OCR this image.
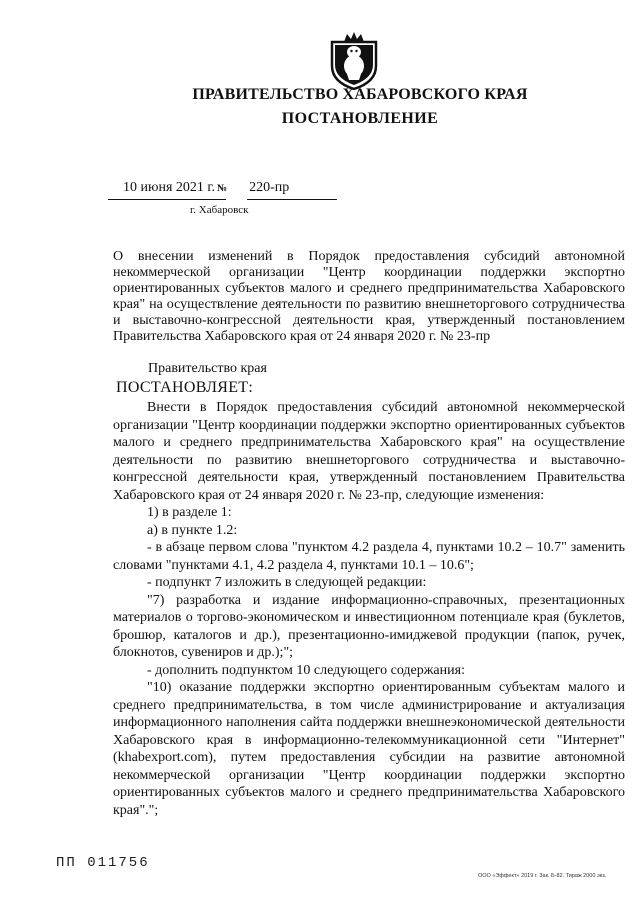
ПРАВИТЕЛЬСТВО ХАБАРОВСКОГО КРАЯ
ПОСТАНОВЛЕНИЕ
10 июня 2021 г. № 220-пр
г. Хабаровск
О внесении изменений в Порядок предоставления субсидий автономной некоммерческой организации "Центр координации поддержки экспортно ориентированных субъектов малого и среднего предпринимательства Хабаровского края" на осуществление деятельности по развитию внешнеторгового сотрудничества и выставочно-конгрессной деятельности края, утвержденный постановлением Правительства Хабаровского края от 24 января 2020 г. № 23-пр
Правительство края
ПОСТАНОВЛЯЕТ:

Внести в Порядок предоставления субсидий автономной некоммерческой организации "Центр координации поддержки экспортно ориентированных субъектов малого и среднего предпринимательства Хабаровского края" на осуществление деятельности по развитию внешнеторгового сотрудничества и выставочно-конгрессной деятельности края, утвержденный постановлением Правительства Хабаровского края от 24 января 2020 г. № 23-пр, следующие изменения:

1) в разделе 1:

а) в пункте 1.2:

- в абзаце первом слова "пунктом 4.2 раздела 4, пунктами 10.2 – 10.7" заменить словами "пунктами 4.1, 4.2 раздела 4, пунктами 10.1 – 10.6";

- подпункт 7 изложить в следующей редакции:

"7) разработка и издание информационно-справочных, презентационных материалов о торгово-экономическом и инвестиционном потенциале края (буклетов, брошюр, каталогов и др.), презентационно-имиджевой продукции (папок, ручек, блокнотов, сувениров и др.);";

- дополнить подпунктом 10 следующего содержания:

"10) оказание поддержки экспортно ориентированным субъектам малого и среднего предпринимательства, в том числе администрирование и актуализация информационного наполнения сайта поддержки внешнеэкономической деятельности Хабаровского края в информационно-телекоммуникационной сети "Интернет" (khabexport.com), путем предоставления субсидии на развитие автономной некоммерческой организации "Центр координации поддержки экспортно ориентированных субъектов малого и среднего предпринимательства Хабаровского края".";

ПП 011756
ООО «Эффект» 2019 г. Зак. Б-82. Тираж 2000 экз.
